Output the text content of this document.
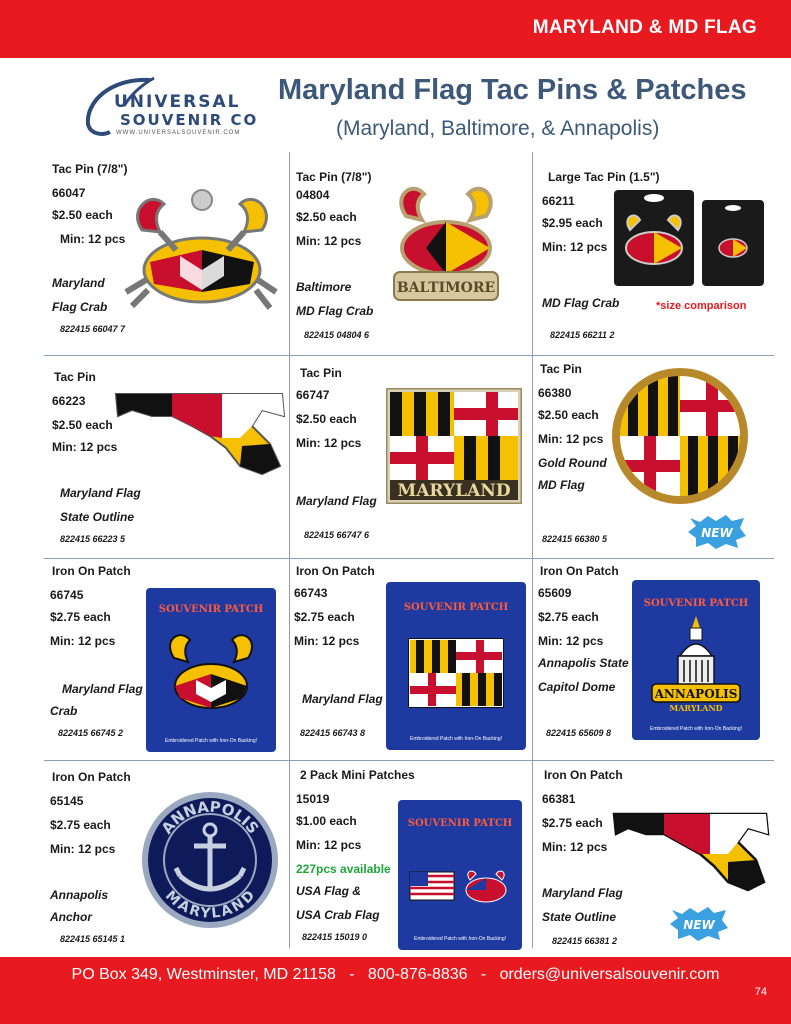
MARYLAND & MD FLAG
UNIVERSAL
SOUVENIR CO
WWW.UNIVERSALSOUVENIR.COM
Maryland Flag Tac Pins & Patches
(Maryland, Baltimore, & Annapolis)
Tac Pin (7/8")
66047
$2.50 each
Min: 12 pcs
Maryland
Flag Crab
822415 66047 7
Tac Pin (7/8")
04804
$2.50 each
Min: 12 pcs
Baltimore
MD Flag Crab
822415 04804 6
BALTIMORE
Large Tac Pin (1.5")
66211
$2.95 each
Min: 12 pcs
MD Flag Crab	*size comparison
822415 66211 2
Tac Pin
66223
$2.50 each
Min: 12 pcs
Maryland Flag
State Outline
822415 66223 5
Tac Pin
66747
$2.50 each
Min: 12 pcs
Maryland Flag
822415 66747 6
MARYLAND
Tac Pin
66380
$2.50 each
Min: 12 pcs
Gold Round
MD Flag
822415 66380 5	NEW
Iron On Patch
66745
$2.75 each
Min: 12 pcs
Maryland Flag
Crab
822415 66745 2
SOUVENIR PATCH
Embroidered Patch with Iron-On Backing!
Iron On Patch
66743
$2.75 each
Min: 12 pcs
Maryland Flag
822415 66743 8
SOUVENIR PATCH
Embroidered Patch with Iron-On Backing!
Iron On Patch
65609
$2.75 each
Min: 12 pcs
Annapolis State
Capitol Dome
822415 65609 8
SOUVENIR PATCH
ANNAPOLIS
MARYLAND
Embroidered Patch with Iron-On Backing!
Iron On Patch
65145
$2.75 each
Min: 12 pcs
Annapolis
Anchor
822415 65145 1
ANNAPOLIS
MARYLAND
2 Pack Mini Patches
15019
$1.00 each
Min: 12 pcs
227pcs available
USA Flag &
USA Crab Flag
822415 15019 0
SOUVENIR PATCH
Embroidered Patch with Iron-On Backing!
Iron On Patch
66381
$2.75 each
Min: 12 pcs
Maryland Flag
State Outline
822415 66381 2
NEW
PO Box 349, Westminster, MD 21158   -   800-876-8836   -   orders@universalsouvenir.com
74
